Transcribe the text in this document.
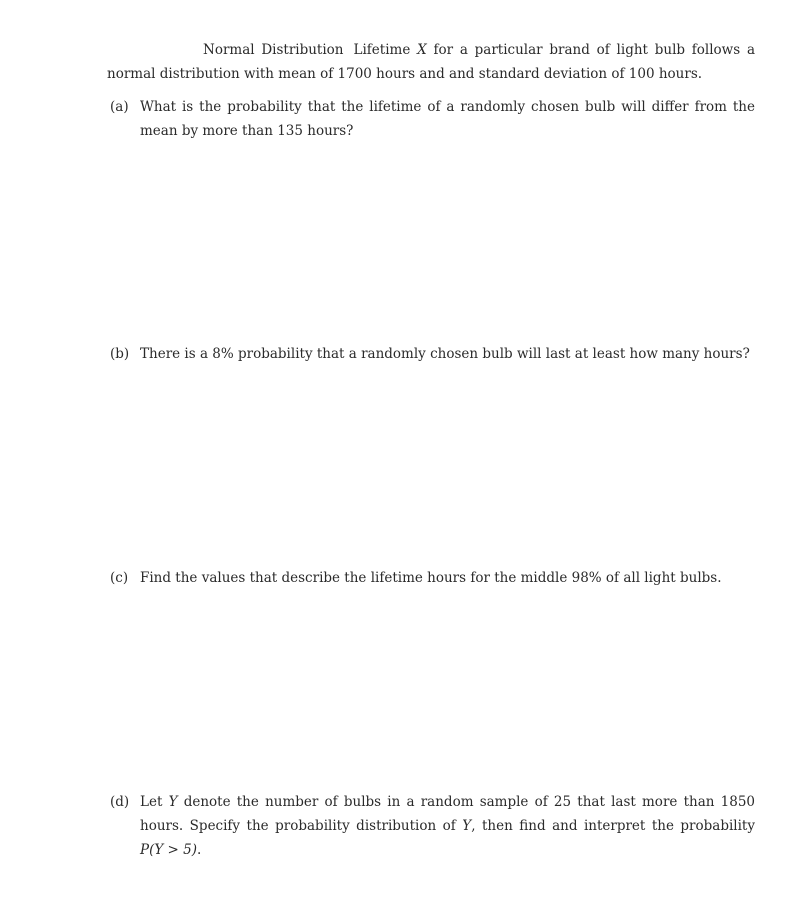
Normal Distribution Lifetime X for a particular brand of light bulb follows a normal distribution with mean of 1700 hours and and standard deviation of 100 hours.
(a) What is the probability that the lifetime of a randomly chosen bulb will differ from the mean by more than 135 hours?
(b) There is a 8% probability that a randomly chosen bulb will last at least how many hours?
(c) Find the values that describe the lifetime hours for the middle 98% of all light bulbs.
(d) Let Y denote the number of bulbs in a random sample of 25 that last more than 1850 hours. Specify the probability distribution of Y, then find and interpret the probability P(Y > 5).
